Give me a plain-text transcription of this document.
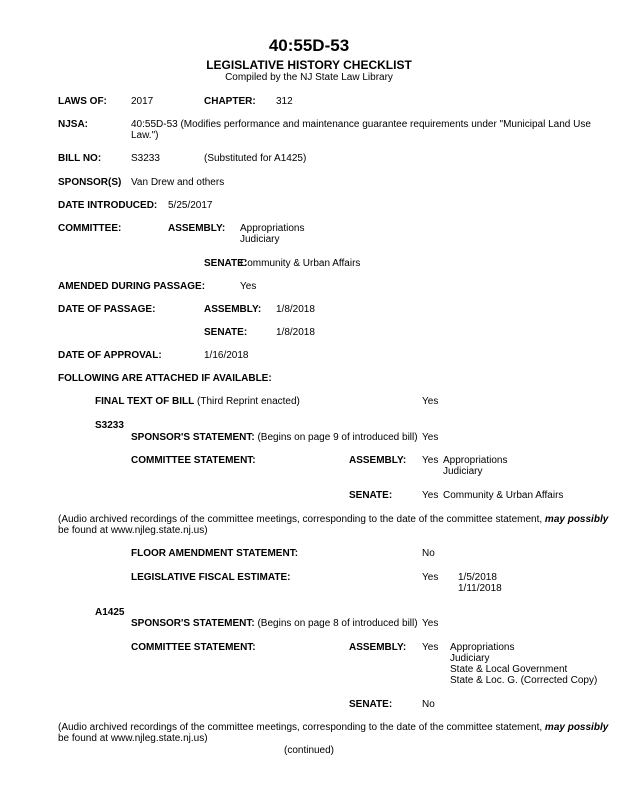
40:55D-53
LEGISLATIVE HISTORY CHECKLIST
Compiled by the NJ State Law Library
LAWS OF: 2017	CHAPTER: 312
NJSA:	40:55D-53 (Modifies performance and maintenance guarantee requirements under "Municipal Land Use
Law.")
BILL NO:	S3233	(Substituted for A1425)
SPONSOR(S) Van Drew and others
DATE INTRODUCED: 5/25/2017
COMMITTEE:	ASSEMBLY: Appropriations
Judiciary
SENATE:
Community & Urban Affairs
AMENDED DURING PASSAGE:	Yes
DATE OF PASSAGE:	ASSEMBLY: 1/8/2018
SENATE:	1/8/2018
DATE OF APPROVAL:	1/16/2018
FOLLOWING ARE ATTACHED IF AVAILABLE:
FINAL TEXT OF BILL (Third Reprint enacted)	Yes
S3233
SPONSOR'S STATEMENT: (Begins on page 9 of introduced bill) Yes
COMMITTEE STATEMENT:	ASSEMBLY: Yes Appropriations
Judiciary
SENATE:	Yes Community & Urban Affairs
(Audio archived recordings of the committee meetings, corresponding to the date of the committee statement, may possibly
be found at www.njleg.state.nj.us)
FLOOR AMENDMENT STATEMENT:	No
LEGISLATIVE FISCAL ESTIMATE:	Yes 1/5/2018
1/11/2018
A1425
SPONSOR'S STATEMENT: (Begins on page 8 of introduced bill) Yes
COMMITTEE STATEMENT:	ASSEMBLY: Yes Appropriations
Judiciary
State & Local Government
State & Loc. G. (Corrected Copy)
SENATE:	No
(Audio archived recordings of the committee meetings, corresponding to the date of the committee statement, may possibly
be found at www.njleg.state.nj.us)
(continued)
